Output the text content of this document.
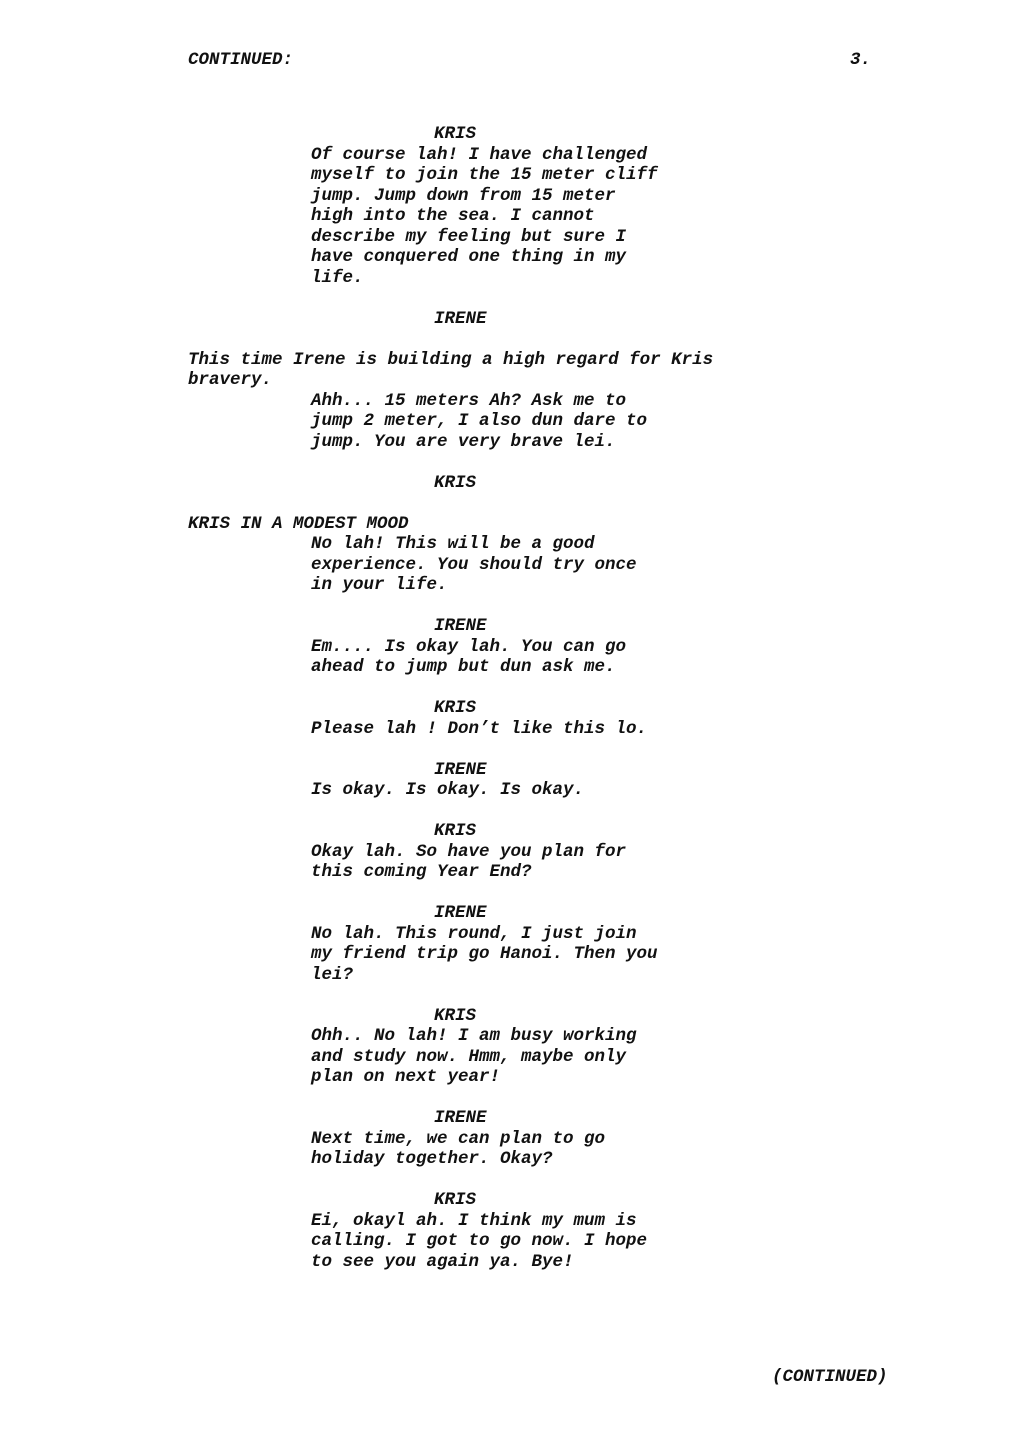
CONTINUED:	3.
KRIS
Of course lah! I have challenged
myself to join the 15 meter cliff
jump. Jump down from 15 meter
high into the sea. I cannot
describe my feeling but sure I
have conquered one thing in my
life.
IRENE
This time Irene is building a high regard for Kris
bravery.
Ahh... 15 meters Ah? Ask me to
jump 2 meter, I also dun dare to
jump. You are very brave lei.
KRIS
KRIS IN A MODEST MOOD
No lah! This will be a good
experience. You should try once
in your life.
IRENE
Em.... Is okay lah. You can go
ahead to jump but dun ask me.
KRIS
Please lah ! Don’t like this lo.
IRENE
Is okay. Is okay. Is okay.
KRIS
Okay lah. So have you plan for
this coming Year End?
IRENE
No lah. This round, I just join
my friend trip go Hanoi. Then you
lei?
KRIS
Ohh.. No lah! I am busy working
and study now. Hmm, maybe only
plan on next year!
IRENE
Next time, we can plan to go
holiday together. Okay?
KRIS
Ei, okayl ah. I think my mum is
calling. I got to go now. I hope
to see you again ya. Bye!
(CONTINUED)
